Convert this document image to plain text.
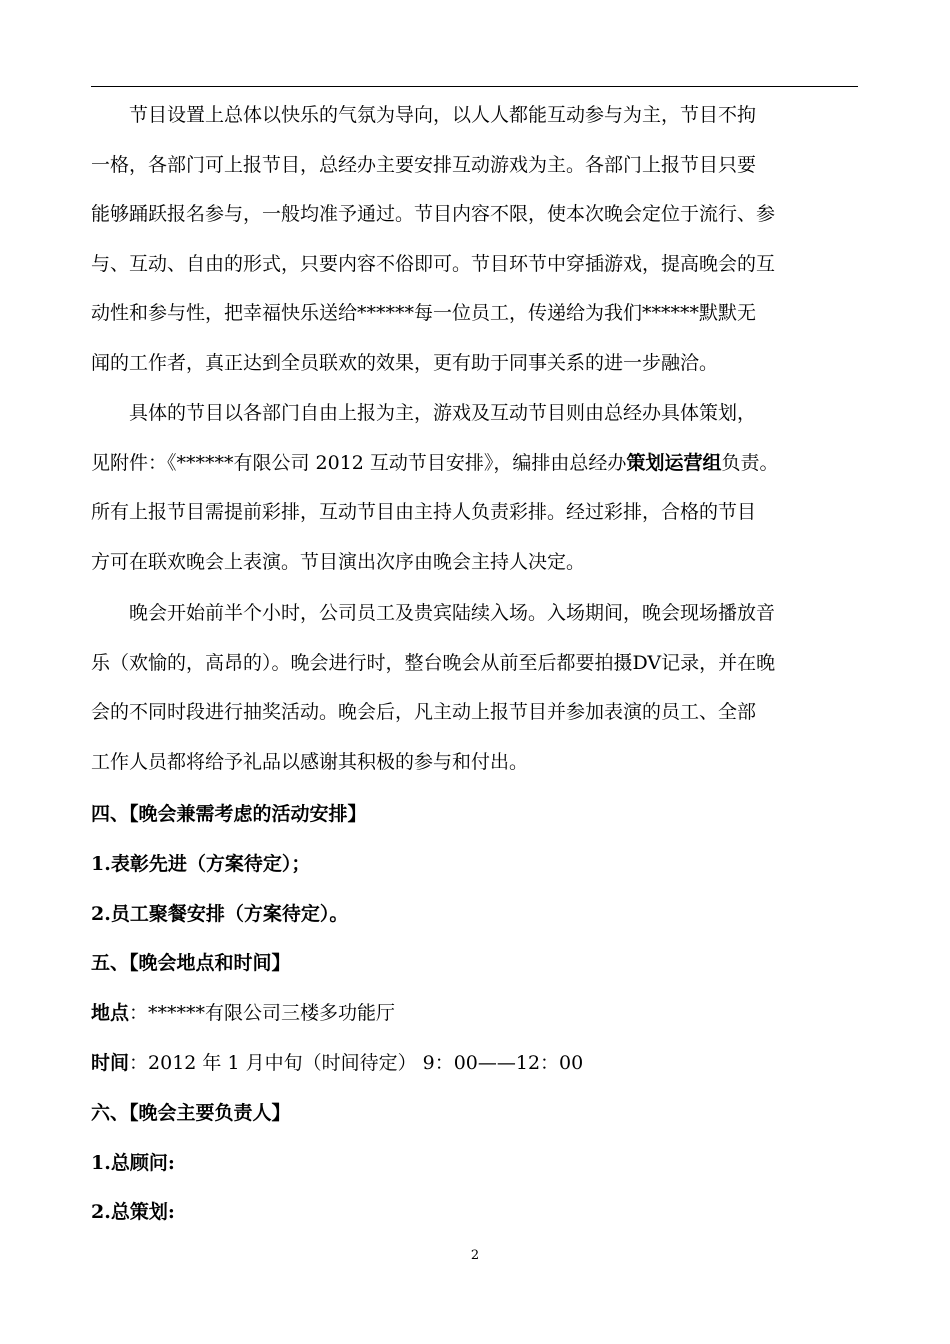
　　节目设置上总体以快乐的气氛为导向，以人人都能互动参与为主，节目不拘
一格，各部门可上报节目，总经办主要安排互动游戏为主。各部门上报节目只要
能够踊跃报名参与，一般均准予通过。节目内容不限，使本次晚会定位于流行、参
与、互动、自由的形式，只要内容不俗即可。节目环节中穿插游戏，提高晚会的互
动性和参与性，把幸福快乐送给******每一位员工，传递给为我们******默默无
闻的工作者，真正达到全员联欢的效果，更有助于同事关系的进一步融洽。
　　具体的节目以各部门自由上报为主，游戏及互动节目则由总经办具体策划，
见附件：《******有限公司 2012 互动节目安排》，编排由总经办策划运营组负责。
所有上报节目需提前彩排，互动节目由主持人负责彩排。经过彩排，合格的节目
方可在联欢晚会上表演。节目演出次序由晚会主持人决定。
　　晚会开始前半个小时，公司员工及贵宾陆续入场。入场期间，晚会现场播放音
乐（欢愉的，高昂的）。晚会进行时，整台晚会从前至后都要拍摄DV记录，并在晚
会的不同时段进行抽奖活动。晚会后，凡主动上报节目并参加表演的员工、全部
工作人员都将给予礼品以感谢其积极的参与和付出。

四、【晚会兼需考虑的活动安排】

1.表彰先进（方案待定）；

2.员工聚餐安排（方案待定）。

五、【晚会地点和时间】

地点：******有限公司三楼多功能厅

时间：2012 年 1 月中旬（时间待定） 9：00——12：00

六、【晚会主要负责人】

1.总顾问:

2.总策划:

2
